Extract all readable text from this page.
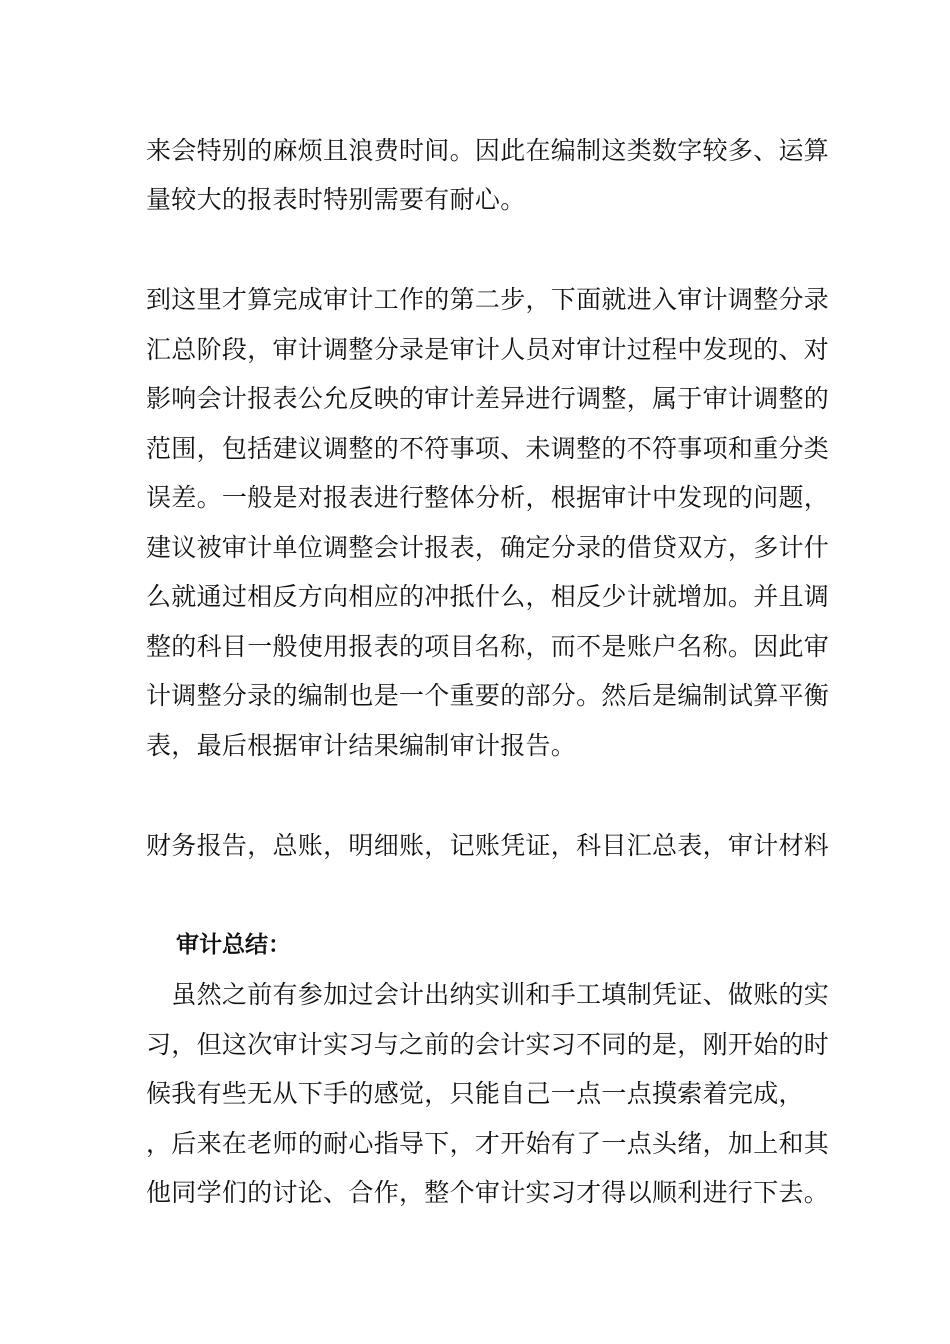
来会特别的麻烦且浪费时间。因此在编制这类数字较多、运算
量较大的报表时特别需要有耐心。
到这里才算完成审计工作的第二步，下面就进入审计调整分录
汇总阶段，审计调整分录是审计人员对审计过程中发现的、对
影响会计报表公允反映的审计差异进行调整，属于审计调整的
范围，包括建议调整的不符事项、未调整的不符事项和重分类
误差。一般是对报表进行整体分析，根据审计中发现的问题，
建议被审计单位调整会计报表，确定分录的借贷双方，多计什
么就通过相反方向相应的冲抵什么，相反少计就增加。并且调
整的科目一般使用报表的项目名称，而不是账户名称。因此审
计调整分录的编制也是一个重要的部分。然后是编制试算平衡
表，最后根据审计结果编制审计报告。
财务报告，总账，明细账，记账凭证，科目汇总表，审计材料
审计总结：
　虽然之前有参加过会计出纳实训和手工填制凭证、做账的实
习，但这次审计实习与之前的会计实习不同的是，刚开始的时
候我有些无从下手的感觉，只能自己一点一点摸索着完成，
，后来在老师的耐心指导下，才开始有了一点头绪，加上和其
他同学们的讨论、合作，整个审计实习才得以顺利进行下去。
